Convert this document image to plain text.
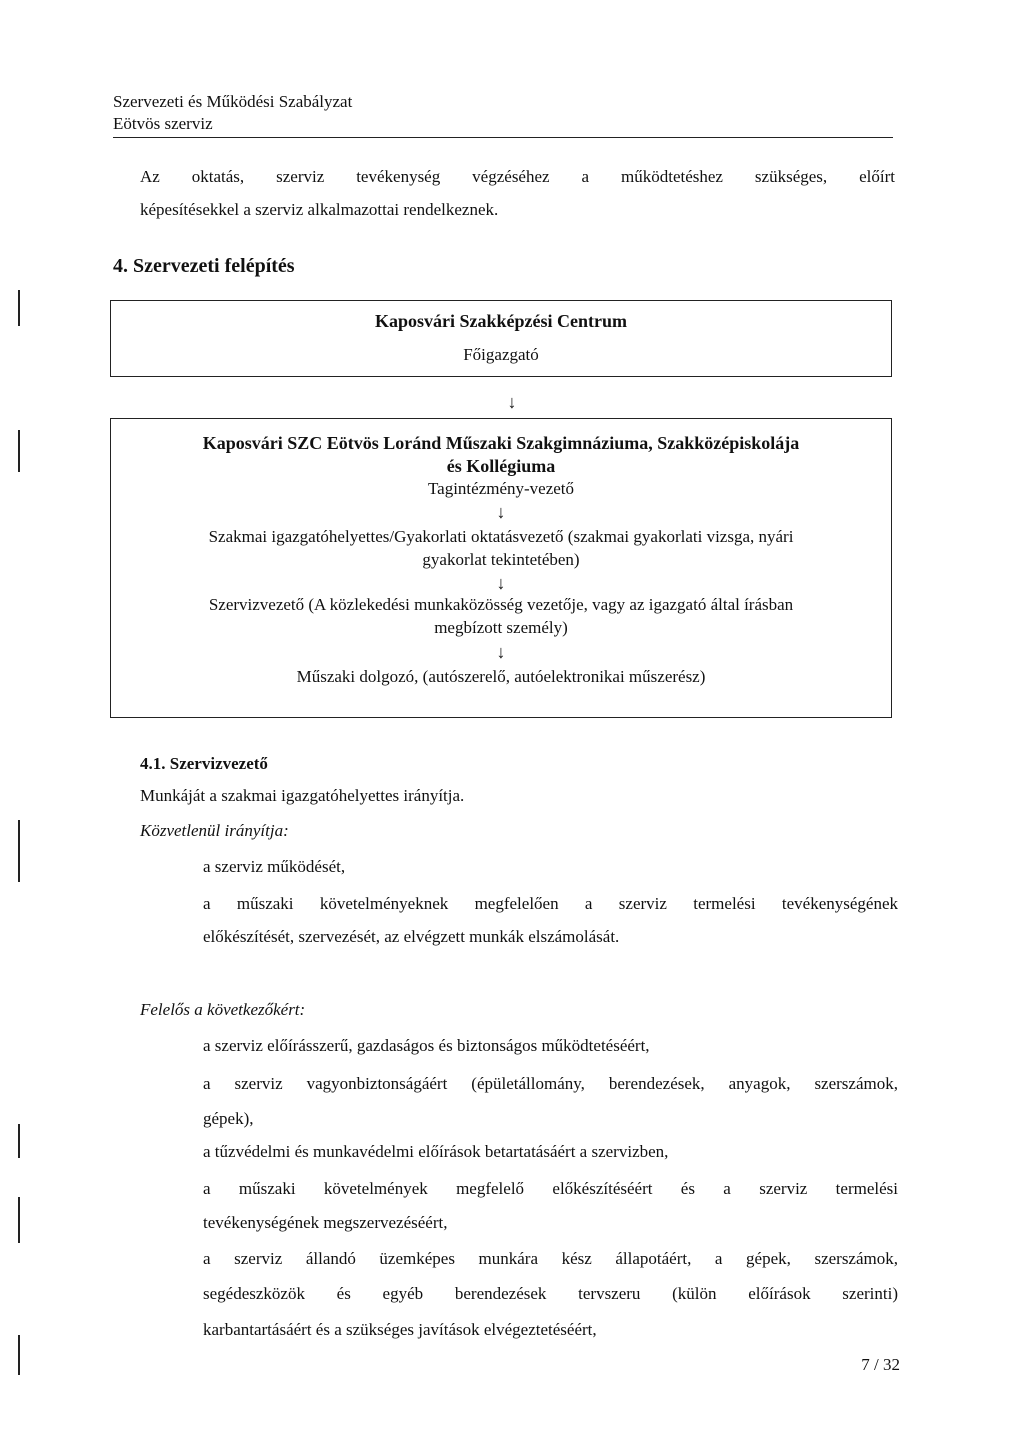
Szervezeti és Működési Szabályzat
Eötvös szerviz
Az oktatás, szerviz tevékenység végzéséhez a működtetéshez szükséges, előírt
képesítésekkel a szerviz alkalmazottai rendelkeznek.
4. Szervezeti felépítés
Kaposvári Szakképzési Centrum
Főigazgató
↓
Kaposvári SZC Eötvös Loránd Műszaki Szakgimnáziuma, Szakközépiskolája
és Kollégiuma
Tagintézmény-vezető
↓
Szakmai igazgatóhelyettes/Gyakorlati oktatásvezető (szakmai gyakorlati vizsga, nyári
gyakorlat tekintetében)
↓
Szervizvezető (A közlekedési munkaközösség vezetője, vagy az igazgató által írásban
megbízott személy)
↓
Műszaki dolgozó, (autószerelő, autóelektronikai műszerész)
4.1. Szervizvezető
Munkáját a szakmai igazgatóhelyettes irányítja.
Közvetlenül irányítja:
a szerviz működését,
a műszaki követelményeknek megfelelően a szerviz termelési tevékenységének
előkészítését, szervezését, az elvégzett munkák elszámolását.
Felelős a következőkért:
a szerviz előírásszerű, gazdaságos és biztonságos működtetéséért,
a szerviz vagyonbiztonságáért (épületállomány, berendezések, anyagok, szerszámok,
gépek),
a tűzvédelmi és munkavédelmi előírások betartatásáért a szervizben,
a műszaki követelmények megfelelő előkészítéséért és a szerviz termelési
tevékenységének megszervezéséért,
a szerviz állandó üzemképes munkára kész állapotáért, a gépek, szerszámok,
segédeszközök és egyéb berendezések tervszeru (külön előírások szerinti)
karbantartásáért és a szükséges javítások elvégeztetéséért,
7 / 32
